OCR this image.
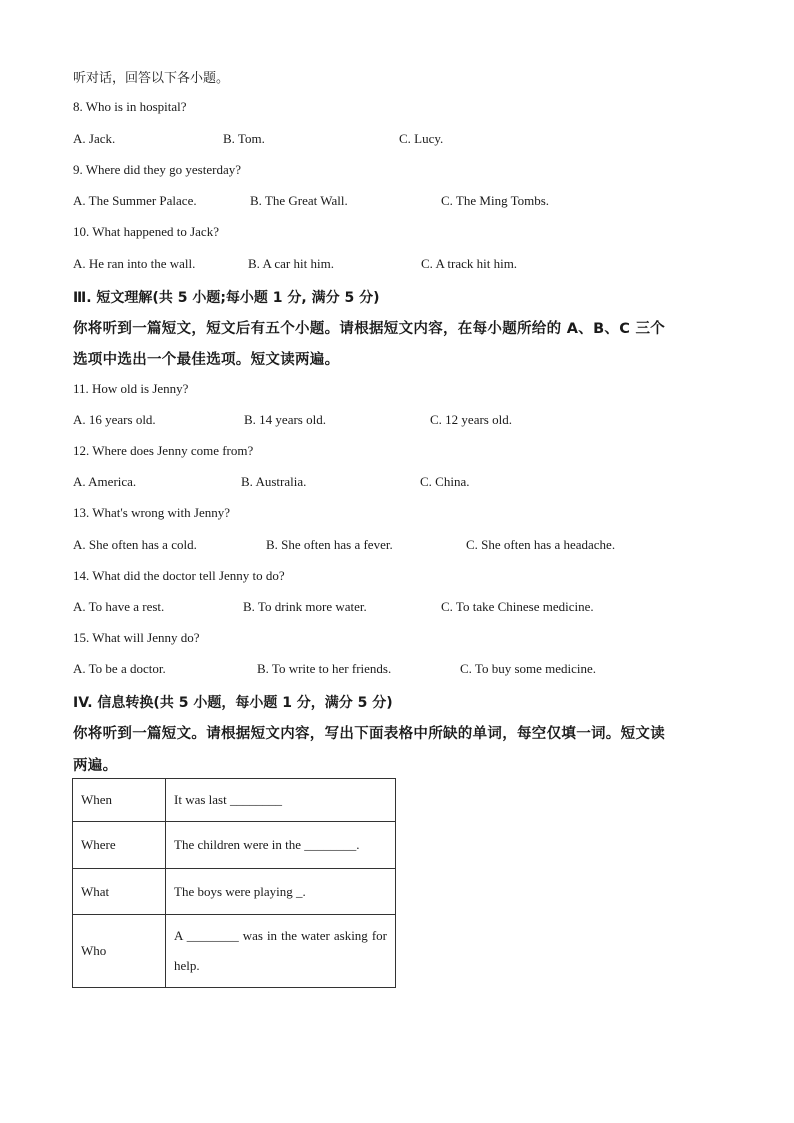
听对话，回答以下各小题。
8. Who is in hospital?
A. Jack.	B. Tom.	C. Lucy.
9. Where did they go yesterday?
A. The Summer Palace.	B. The Great Wall.	C. The Ming Tombs.
10. What happened to Jack?
A. He ran into the wall.	B. A car hit him.	C. A track hit him.
Ⅲ. 短文理解(共 5 小题;每小题 1 分, 满分 5 分)
你将听到一篇短文，短文后有五个小题。请根据短文内容，在每小题所给的 A、B、C 三个
选项中选出一个最佳选项。短文读两遍。
11. How old is Jenny?
A. 16 years old.	B. 14 years old.	C. 12 years old.
12. Where does Jenny come from?
A. America.	B. Australia.	C. China.
13. What's wrong with Jenny?
A. She often has a cold.	B. She often has a fever.	C. She often has a headache.
14. What did the doctor tell Jenny to do?
A. To have a rest.	B. To drink more water.	C. To take Chinese medicine.
15. What will Jenny do?
A. To be a doctor.	B. To write to her friends.	C. To buy some medicine.
IV. 信息转换(共 5 小题，每小题 1 分，满分 5 分)
你将听到一篇短文。请根据短文内容，写出下面表格中所缺的单词，每空仅填一词。短文读
两遍。
When	It was last ________
Where	The children were in the ________.
What	The boys were playing _.
Who	A ________ was in the water asking for help.
